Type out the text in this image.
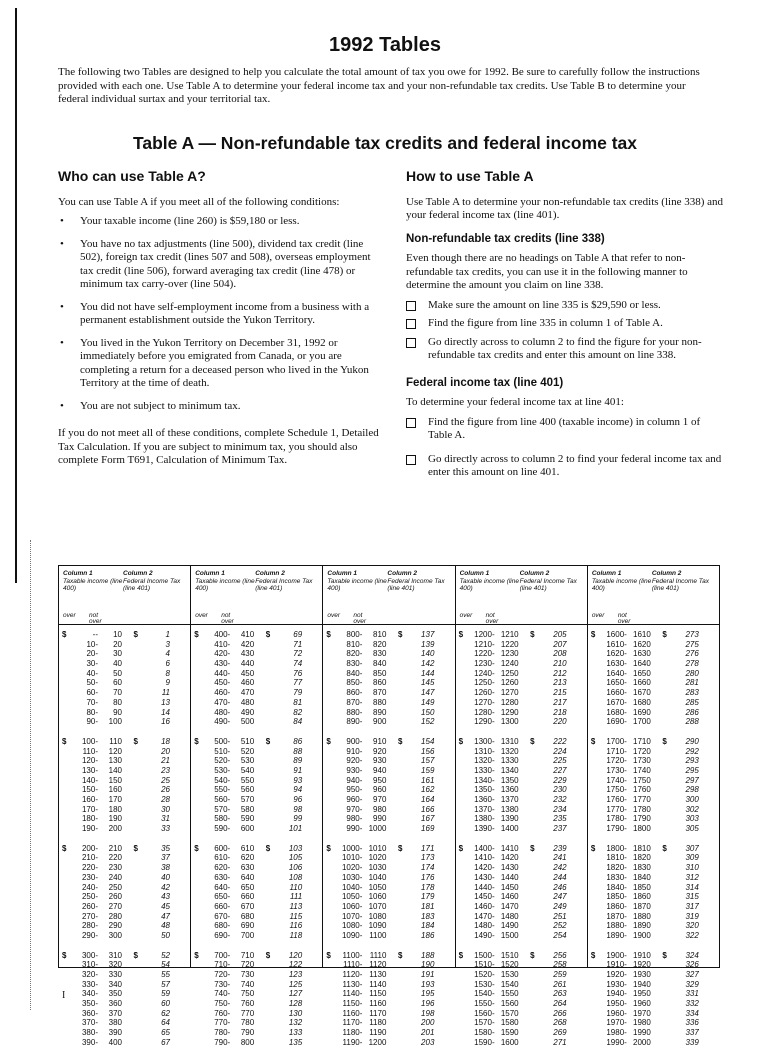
1992 Tables
The following two Tables are designed to help you calculate the total amount of tax you owe for 1992. Be sure to carefully follow the instructions provided with each one. Use Table A to determine your federal income tax and your non-refundable tax credits. Use Table B to determine your federal individual surtax and your territorial tax.
Table A — Non-refundable tax credits and federal income tax
Who can use Table A?

You can use Table A if you meet all of the following conditions:

• Your taxable income (line 260) is $59,180 or less.
• You have no tax adjustments (line 500), dividend tax credit (line 502), foreign tax credit (lines 507 and 508), overseas employment tax credit (line 506), forward averaging tax credit (line 478) or minimum tax carry-over (line 504).
• You did not have self-employment income from a business with a permanent establishment outside the Yukon Territory.
• You lived in the Yukon Territory on December 31, 1992 or immediately before you emigrated from Canada, or you are completing a return for a deceased person who lived in the Yukon Territory at the time of death.
• You are not subject to minimum tax.

If you do not meet all of these conditions, complete Schedule 1, Detailed Tax Calculation. If you are subject to minimum tax, you should also complete Form T691, Calculation of Minimum Tax.

How to use Table A

Use Table A to determine your non-refundable tax credits (line 338) and your federal income tax (line 401).

Non-refundable tax credits (line 338)

Even though there are no headings on Table A that refer to non-refundable tax credits, you can use it in the following manner to determine the amount you claim on line 338.

Make sure the amount on line 335 is $29,590 or less.
Find the figure from line 335 in column 1 of Table A.
Go directly across to column 2 to find the figure for your non-refundable tax credits and enter this amount on line 338.
Federal income tax (line 401)

To determine your federal income tax at line 401:

Find the figure from line 400 (taxable income) in column 1 of Table A.
Go directly across to column 2 to find your federal income tax and enter this amount on line 401.
Column 1
Taxable income (line 400)
Column 2
Federal Income Tax (line 401)
over not
over
$	--	10	$	1
10-	20	3
20-	30	4
30-	40	6
40-	50	8
50-	60	9
60-	70	11
70-	80	13
80-	90	14
90-	100	16
$	100-	110	$	18
110-	120	20
120-	130	21
130-	140	23
140-	150	25
150-	160	26
160-	170	28
170-	180	30
180-	190	31
190-	200	33
$	200-	210	$	35
210-	220	37
220-	230	38
230-	240	40
240-	250	42
250-	260	43
260-	270	45
270-	280	47
280-	290	48
290-	300	50
$	300-	310	$	52
310-	320	54
320-	330	55
330-	340	57
340-	350	59
350-	360	60
360-	370	62
370-	380	64
380-	390	65
390-	400	67
Column 1
Taxable income (line 400)
Column 2
Federal Income Tax (line 401)
over not
over
$	400-	410	$	69
410-	420	71
420-	430	72
430-	440	74
440-	450	76
450-	460	77
460-	470	79
470-	480	81
480-	490	82
490-	500	84
$	500-	510	$	86
510-	520	88
520-	530	89
530-	540	91
540-	550	93
550-	560	94
560-	570	96
570-	580	98
580-	590	99
590-	600	101
$	600-	610	$	103
610-	620	105
620-	630	106
630-	640	108
640-	650	110
650-	660	111
660-	670	113
670-	680	115
680-	690	116
690-	700	118
$	700-	710	$	120
710-	720	122
720-	730	123
730-	740	125
740-	750	127
750-	760	128
760-	770	130
770-	780	132
780-	790	133
790-	800	135
Column 1
Taxable income (line 400)
Column 2
Federal Income Tax (line 401)
over not
over
$	800-	810	$	137
810-	820	139
820-	830	140
830-	840	142
840-	850	144
850-	860	145
860-	870	147
870-	880	149
880-	890	150
890-	900	152
$	900-	910	$	154
910-	920	156
920-	930	157
930-	940	159
940-	950	161
950-	960	162
960-	970	164
970-	980	166
980-	990	167
990- 1000	169
$	1000- 1010	$	171
1010- 1020	173
1020- 1030	174
1030- 1040	176
1040- 1050	178
1050- 1060	179
1060- 1070	181
1070- 1080	183
1080- 1090	184
1090- 1100	186
$	1100- 1110	$	188
1110- 1120	190
1120- 1130	191
1130- 1140	193
1140- 1150	195
1150- 1160	196
1160- 1170	198
1170- 1180	200
1180- 1190	201
1190- 1200	203
Column 1
Taxable income (line 400)
Column 2
Federal Income Tax (line 401)
over not
over
$	1200- 1210	$	205
1210- 1220	207
1220- 1230	208
1230- 1240	210
1240- 1250	212
1250- 1260	213
1260- 1270	215
1270- 1280	217
1280- 1290	218
1290- 1300	220
$	1300- 1310	$	222
1310- 1320	224
1320- 1330	225
1330- 1340	227
1340- 1350	229
1350- 1360	230
1360- 1370	232
1370- 1380	234
1380- 1390	235
1390- 1400	237
$	1400- 1410	$	239
1410- 1420	241
1420- 1430	242
1430- 1440	244
1440- 1450	246
1450- 1460	247
1460- 1470	249
1470- 1480	251
1480- 1490	252
1490- 1500	254
$	1500- 1510	$	256
1510- 1520	258
1520- 1530	259
1530- 1540	261
1540- 1550	263
1550- 1560	264
1560- 1570	266
1570- 1580	268
1580- 1590	269
1590- 1600	271
Column 1
Taxable income (line 400)
Column 2
Federal Income Tax (line 401)
over not
over
$	1600- 1610	$	273
1610- 1620	275
1620- 1630	276
1630- 1640	278
1640- 1650	280
1650- 1660	281
1660- 1670	283
1670- 1680	285
1680- 1690	286
1690- 1700	288
$	1700- 1710	$	290
1710- 1720	292
1720- 1730	293
1730- 1740	295
1740- 1750	297
1750- 1760	298
1760- 1770	300
1770- 1780	302
1780- 1790	303
1790- 1800	305
$	1800- 1810	$	307
1810- 1820	309
1820- 1830	310
1830- 1840	312
1840- 1850	314
1850- 1860	315
1860- 1870	317
1870- 1880	319
1880- 1890	320
1890- 1900	322
$	1900- 1910	$	324
1910- 1920	326
1920- 1930	327
1930- 1940	329
1940- 1950	331
1950- 1960	332
1960- 1970	334
1970- 1980	336
1980- 1990	337
1990- 2000	339
I
